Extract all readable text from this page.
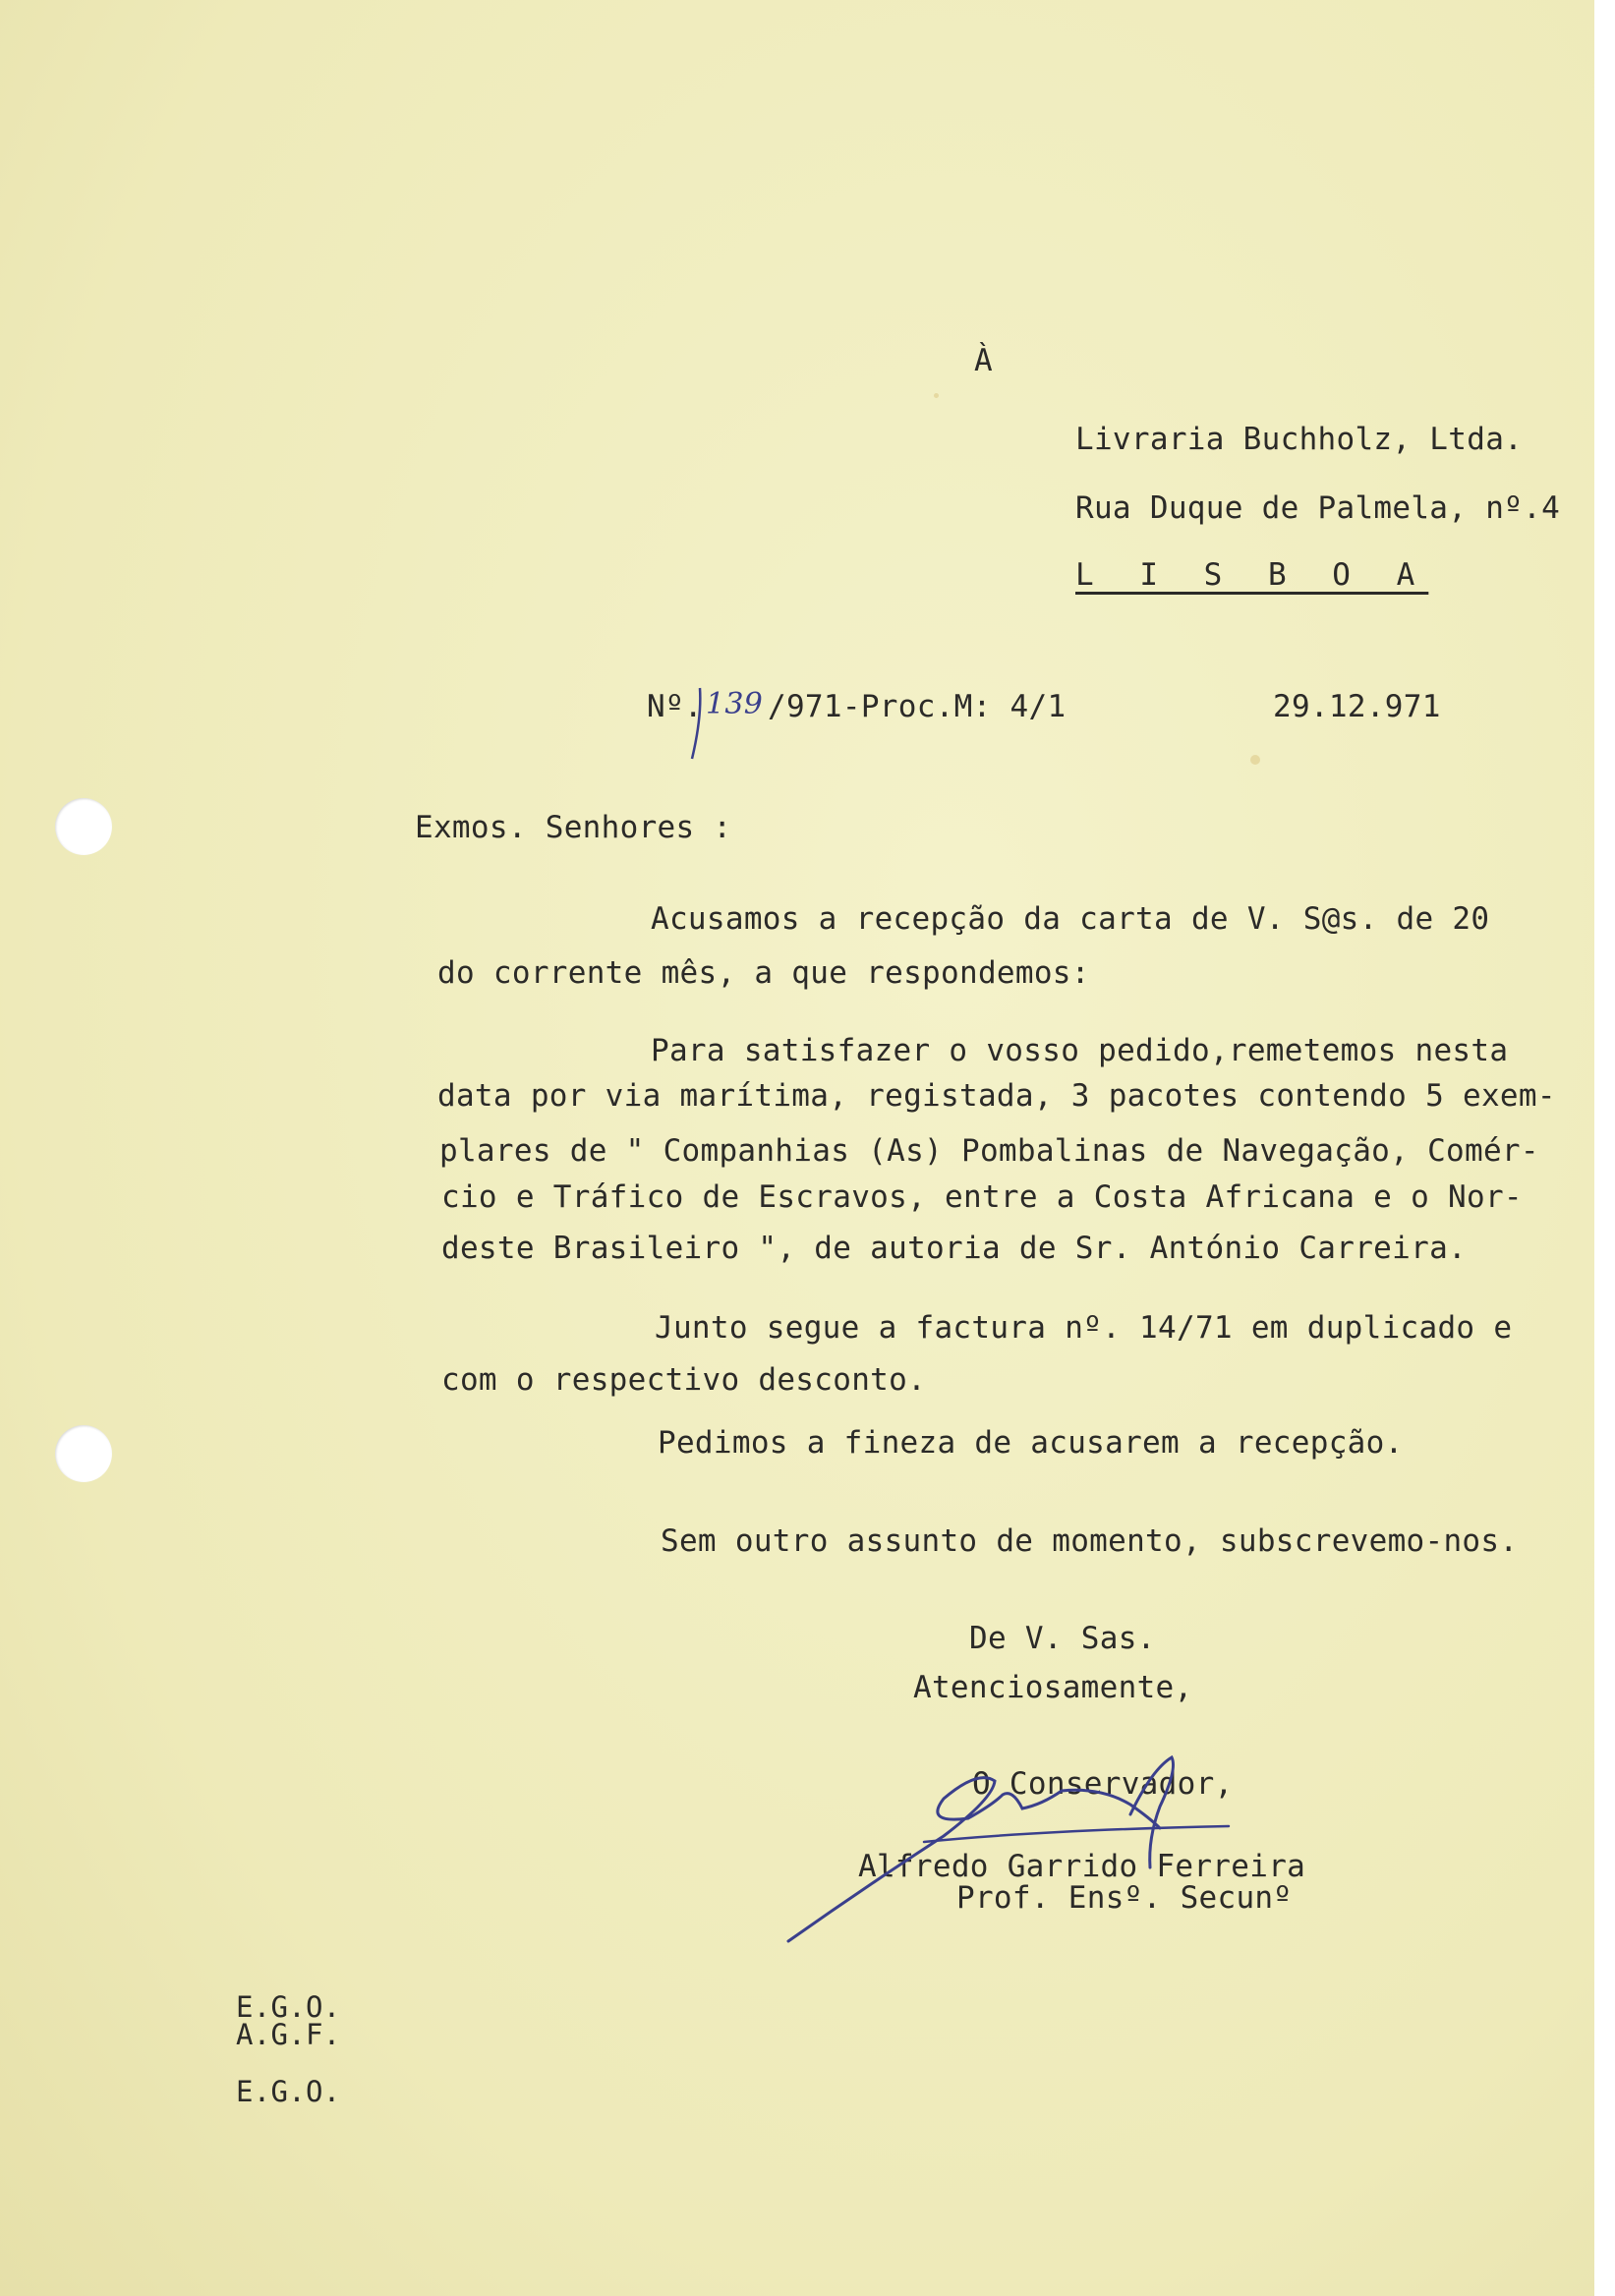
À
Livraria Buchholz, Ltda.
Rua Duque de Palmela, nº.4
L I S B O A
Nº. 139 /971-Proc.M: 4/1	29.12.971
Exmos. Senhores :
Acusamos a recepção da carta de V. S@s. de 20
do corrente mês, a que respondemos:
Para satisfazer o vosso pedido,remetemos nesta
data por via marítima, registada, 3 pacotes contendo 5 exem-
plares de " Companhias (As) Pombalinas de Navegação, Comér-
cio e Tráfico de Escravos, entre a Costa Africana e o Nor-
deste Brasileiro ", de autoria de Sr. António Carreira.
Junto segue a factura nº. 14/71 em duplicado e
com o respectivo desconto.
Pedimos a fineza de acusarem a recepção.
Sem outro assunto de momento, subscrevemo-nos.
De V. Sas.
Atenciosamente,
O Conservador,
Alfredo Garrido Ferreira
Prof. Ensº. Secunº
E.G.O.
A.G.F.
E.G.O.
